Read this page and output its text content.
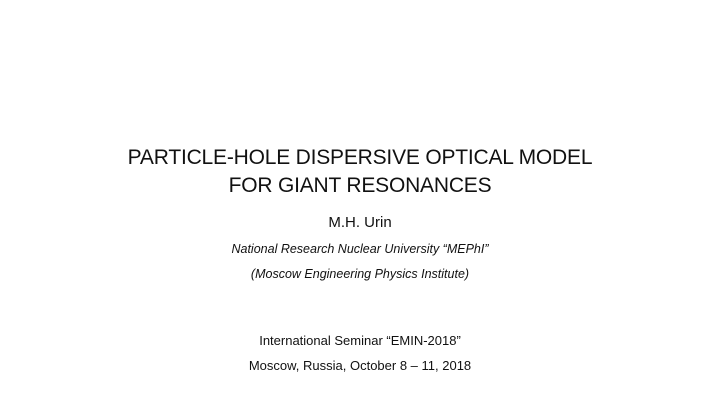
PARTICLE-HOLE DISPERSIVE OPTICAL MODEL
FOR GIANT RESONANCES
M.H. Urin
National Research Nuclear University “MEPhI”
(Moscow Engineering Physics Institute)
International Seminar “EMIN-2018”
Moscow, Russia, October 8 – 11, 2018
